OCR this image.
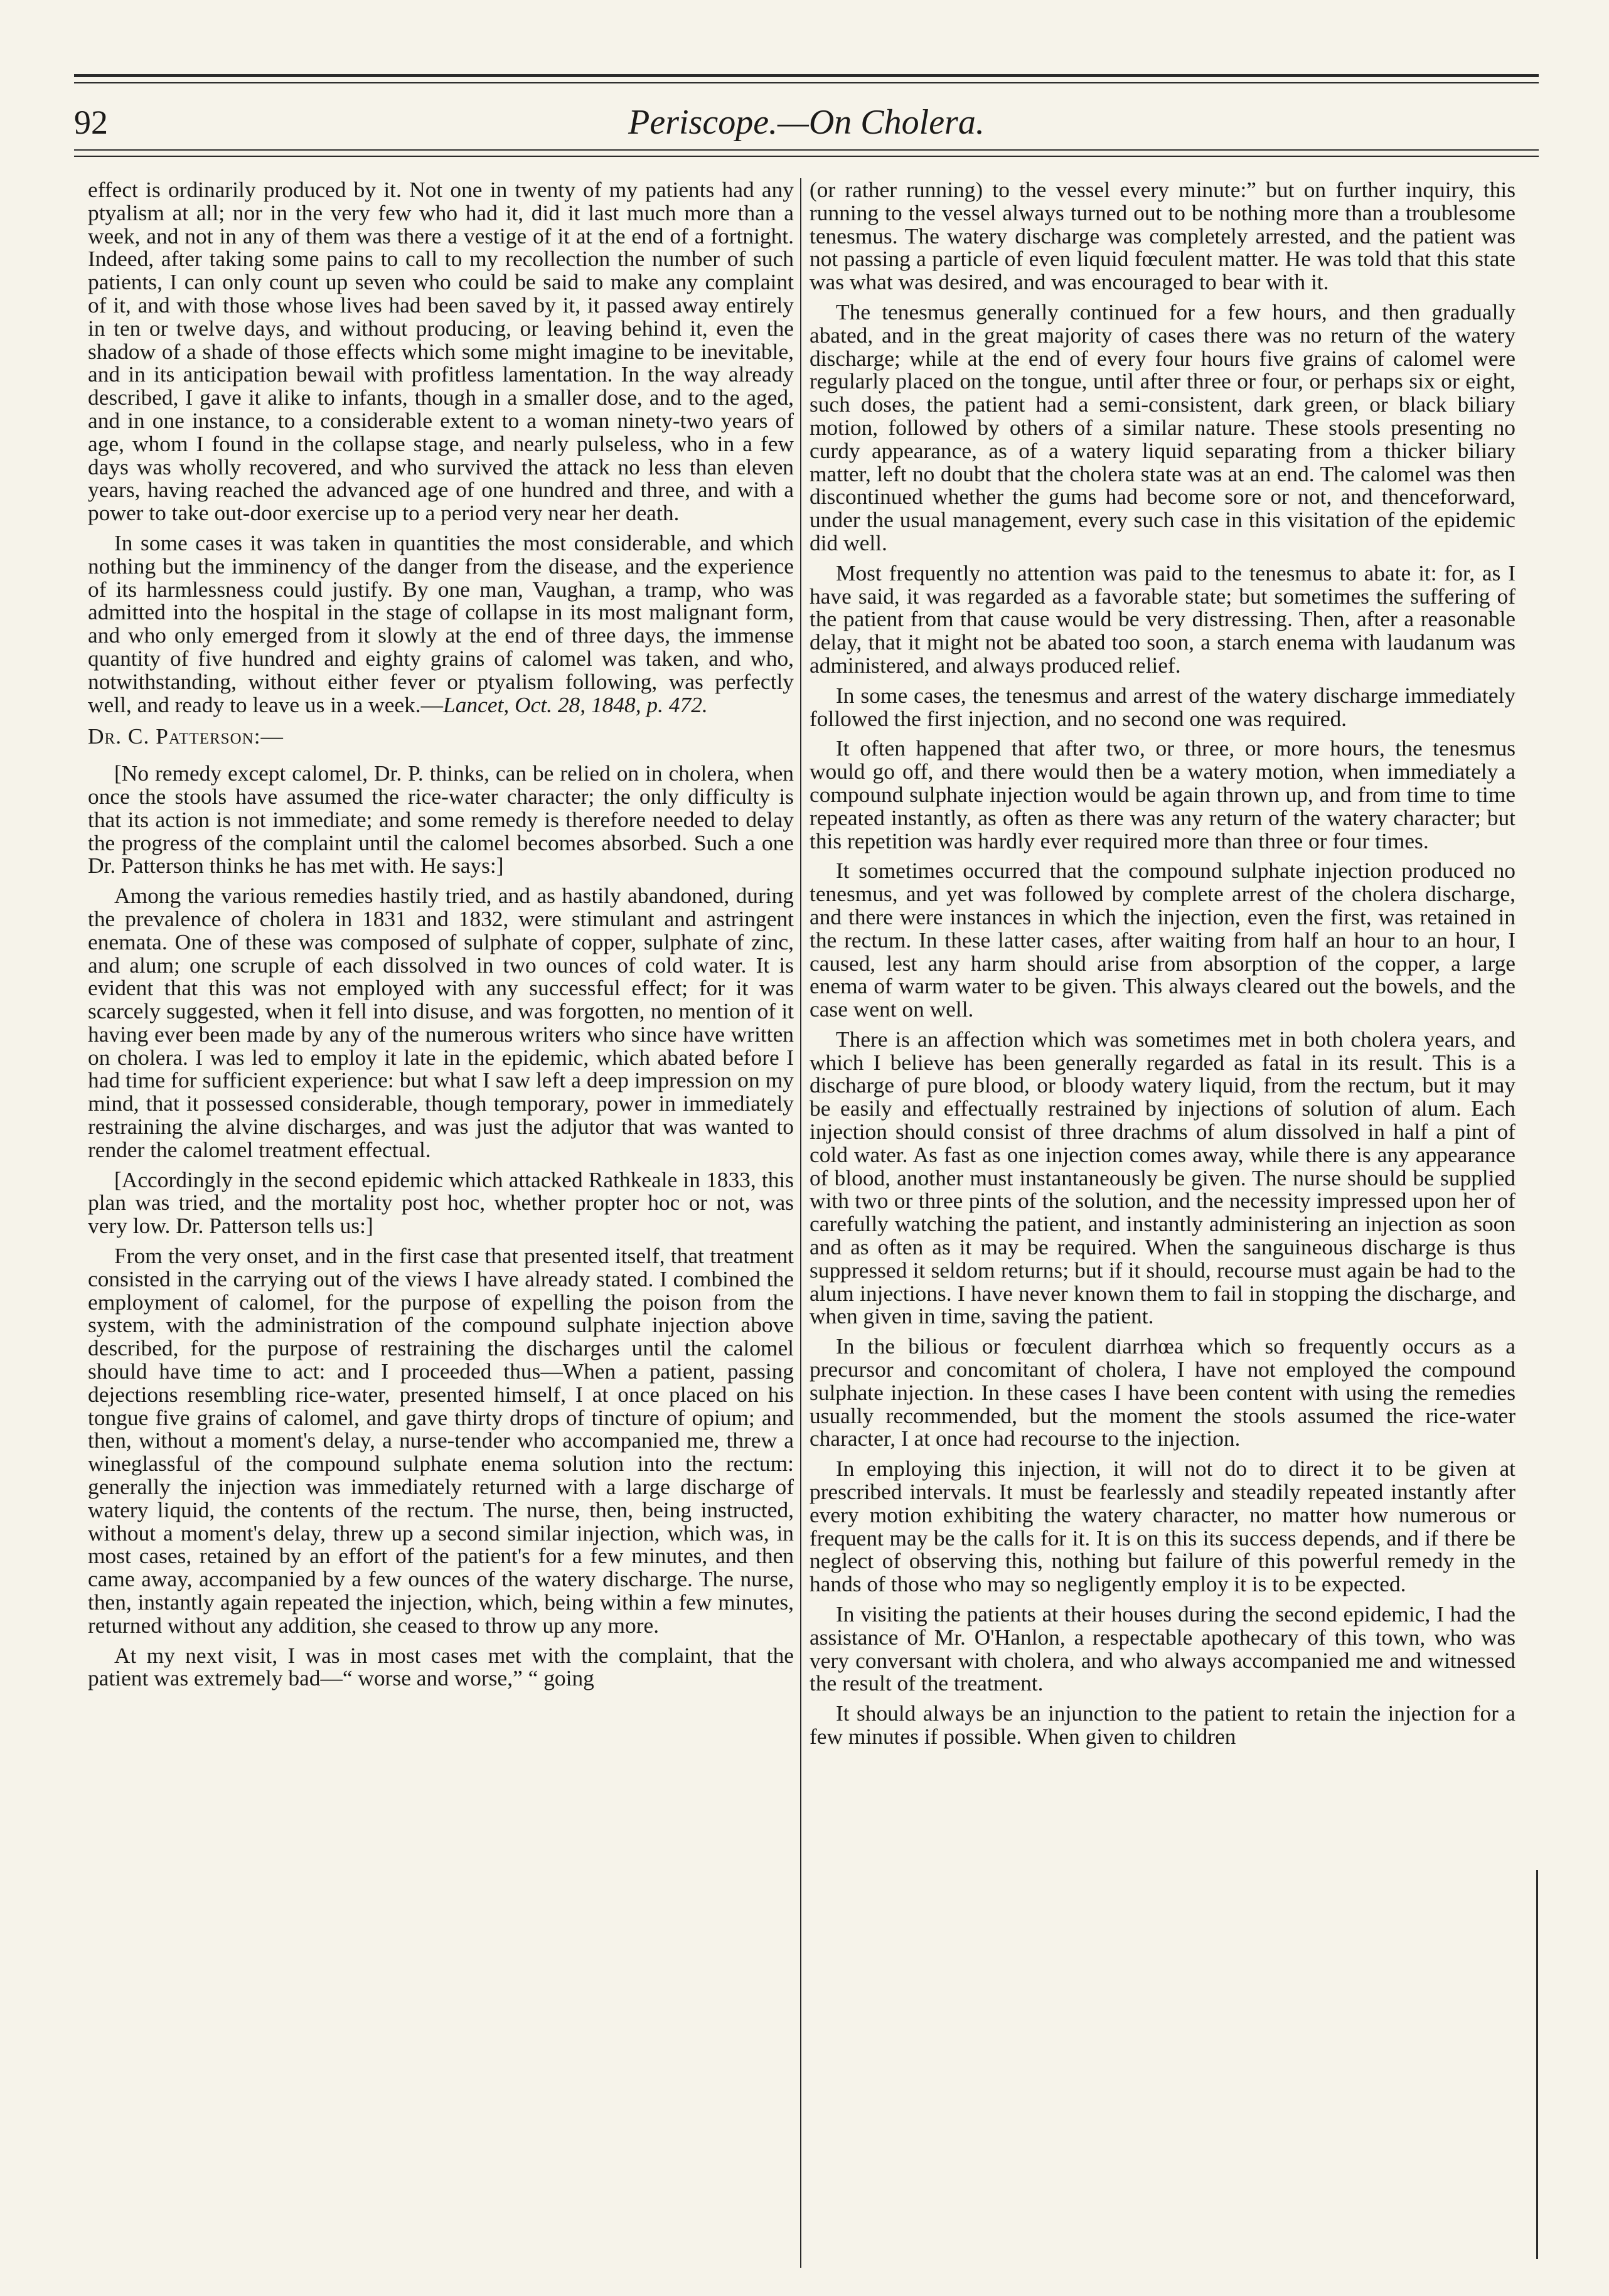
92	Periscope.—On Cholera.

effect is ordinarily produced by it. Not one in twenty of my patients had any ptyalism at all; nor in the very few who had it, did it last much more than a week, and not in any of them was there a vestige of it at the end of a fortnight. Indeed, after taking some pains to call to my recollection the number of such patients, I can only count up seven who could be said to make any complaint of it, and with those whose lives had been saved by it, it passed away entirely in ten or twelve days, and without producing, or leaving behind it, even the shadow of a shade of those effects which some might imagine to be inevitable, and in its anticipation bewail with profitless lamentation. In the way already described, I gave it alike to infants, though in a smaller dose, and to the aged, and in one instance, to a considerable extent to a woman ninety-two years of age, whom I found in the collapse stage, and nearly pulseless, who in a few days was wholly recovered, and who survived the attack no less than eleven years, having reached the advanced age of one hundred and three, and with a power to take out-door exercise up to a period very near her death.

In some cases it was taken in quantities the most considerable, and which nothing but the imminency of the danger from the disease, and the experience of its harmlessness could justify. By one man, Vaughan, a tramp, who was admitted into the hospital in the stage of collapse in its most malignant form, and who only emerged from it slowly at the end of three days, the immense quantity of five hundred and eighty grains of calomel was taken, and who, notwithstanding, without either fever or ptyalism following, was perfectly well, and ready to leave us in a week.—Lancet, Oct. 28, 1848, p. 472.

Dr. C. Patterson:—

[No remedy except calomel, Dr. P. thinks, can be relied on in cholera, when once the stools have assumed the rice-water character; the only difficulty is that its action is not immediate; and some remedy is therefore needed to delay the progress of the complaint until the calomel becomes absorbed. Such a one Dr. Patterson thinks he has met with. He says:]

Among the various remedies hastily tried, and as hastily abandoned, during the prevalence of cholera in 1831 and 1832, were stimulant and astringent enemata. One of these was composed of sulphate of copper, sulphate of zinc, and alum; one scruple of each dissolved in two ounces of cold water. It is evident that this was not employed with any successful effect; for it was scarcely suggested, when it fell into disuse, and was forgotten, no mention of it having ever been made by any of the numerous writers who since have written on cholera. I was led to employ it late in the epidemic, which abated before I had time for sufficient experience: but what I saw left a deep impression on my mind, that it possessed considerable, though temporary, power in immediately restraining the alvine discharges, and was just the adjutor that was wanted to render the calomel treatment effectual.

[Accordingly in the second epidemic which attacked Rathkeale in 1833, this plan was tried, and the mortality post hoc, whether propter hoc or not, was very low. Dr. Patterson tells us:]

From the very onset, and in the first case that presented itself, that treatment consisted in the carrying out of the views I have already stated. I combined the employment of calomel, for the purpose of expelling the poison from the system, with the administration of the compound sulphate injection above described, for the purpose of restraining the discharges until the calomel should have time to act: and I proceeded thus—When a patient, passing dejections resembling rice-water, presented himself, I at once placed on his tongue five grains of calomel, and gave thirty drops of tincture of opium; and then, without a moment's delay, a nurse-tender who accompanied me, threw a wineglassful of the compound sulphate enema solution into the rectum: generally the injection was immediately returned with a large discharge of watery liquid, the contents of the rectum. The nurse, then, being instructed, without a moment's delay, threw up a second similar injection, which was, in most cases, retained by an effort of the patient's for a few minutes, and then came away, accompanied by a few ounces of the watery discharge. The nurse, then, instantly again repeated the injection, which, being within a few minutes, returned without any addition, she ceased to throw up any more.

At my next visit, I was in most cases met with the complaint, that the patient was extremely bad—“ worse and worse,” “ going

(or rather running) to the vessel every minute:” but on further inquiry, this running to the vessel always turned out to be nothing more than a troublesome tenesmus. The watery discharge was completely arrested, and the patient was not passing a particle of even liquid fœculent matter. He was told that this state was what was desired, and was encouraged to bear with it.

The tenesmus generally continued for a few hours, and then gradually abated, and in the great majority of cases there was no return of the watery discharge; while at the end of every four hours five grains of calomel were regularly placed on the tongue, until after three or four, or perhaps six or eight, such doses, the patient had a semi-consistent, dark green, or black biliary motion, followed by others of a similar nature. These stools presenting no curdy appearance, as of a watery liquid separating from a thicker biliary matter, left no doubt that the cholera state was at an end. The calomel was then discontinued whether the gums had become sore or not, and thenceforward, under the usual management, every such case in this visitation of the epidemic did well.

Most frequently no attention was paid to the tenesmus to abate it: for, as I have said, it was regarded as a favorable state; but sometimes the suffering of the patient from that cause would be very distressing. Then, after a reasonable delay, that it might not be abated too soon, a starch enema with laudanum was administered, and always produced relief.

In some cases, the tenesmus and arrest of the watery discharge immediately followed the first injection, and no second one was required.

It often happened that after two, or three, or more hours, the tenesmus would go off, and there would then be a watery motion, when immediately a compound sulphate injection would be again thrown up, and from time to time repeated instantly, as often as there was any return of the watery character; but this repetition was hardly ever required more than three or four times.

It sometimes occurred that the compound sulphate injection produced no tenesmus, and yet was followed by complete arrest of the cholera discharge, and there were instances in which the injection, even the first, was retained in the rectum. In these latter cases, after waiting from half an hour to an hour, I caused, lest any harm should arise from absorption of the copper, a large enema of warm water to be given. This always cleared out the bowels, and the case went on well.

There is an affection which was sometimes met in both cholera years, and which I believe has been generally regarded as fatal in its result. This is a discharge of pure blood, or bloody watery liquid, from the rectum, but it may be easily and effectually restrained by injections of solution of alum. Each injection should consist of three drachms of alum dissolved in half a pint of cold water. As fast as one injection comes away, while there is any appearance of blood, another must instantaneously be given. The nurse should be supplied with two or three pints of the solution, and the necessity impressed upon her of carefully watching the patient, and instantly administering an injection as soon and as often as it may be required. When the sanguineous discharge is thus suppressed it seldom returns; but if it should, recourse must again be had to the alum injections. I have never known them to fail in stopping the discharge, and when given in time, saving the patient.

In the bilious or fœculent diarrhœa which so frequently occurs as a precursor and concomitant of cholera, I have not employed the compound sulphate injection. In these cases I have been content with using the remedies usually recommended, but the moment the stools assumed the rice-water character, I at once had recourse to the injection.

In employing this injection, it will not do to direct it to be given at prescribed intervals. It must be fearlessly and steadily repeated instantly after every motion exhibiting the watery character, no matter how numerous or frequent may be the calls for it. It is on this its success depends, and if there be neglect of observing this, nothing but failure of this powerful remedy in the hands of those who may so negligently employ it is to be expected.

In visiting the patients at their houses during the second epidemic, I had the assistance of Mr. O'Hanlon, a respectable apothecary of this town, who was very conversant with cholera, and who always accompanied me and witnessed the result of the treatment.

It should always be an injunction to the patient to retain the injection for a few minutes if possible. When given to children
